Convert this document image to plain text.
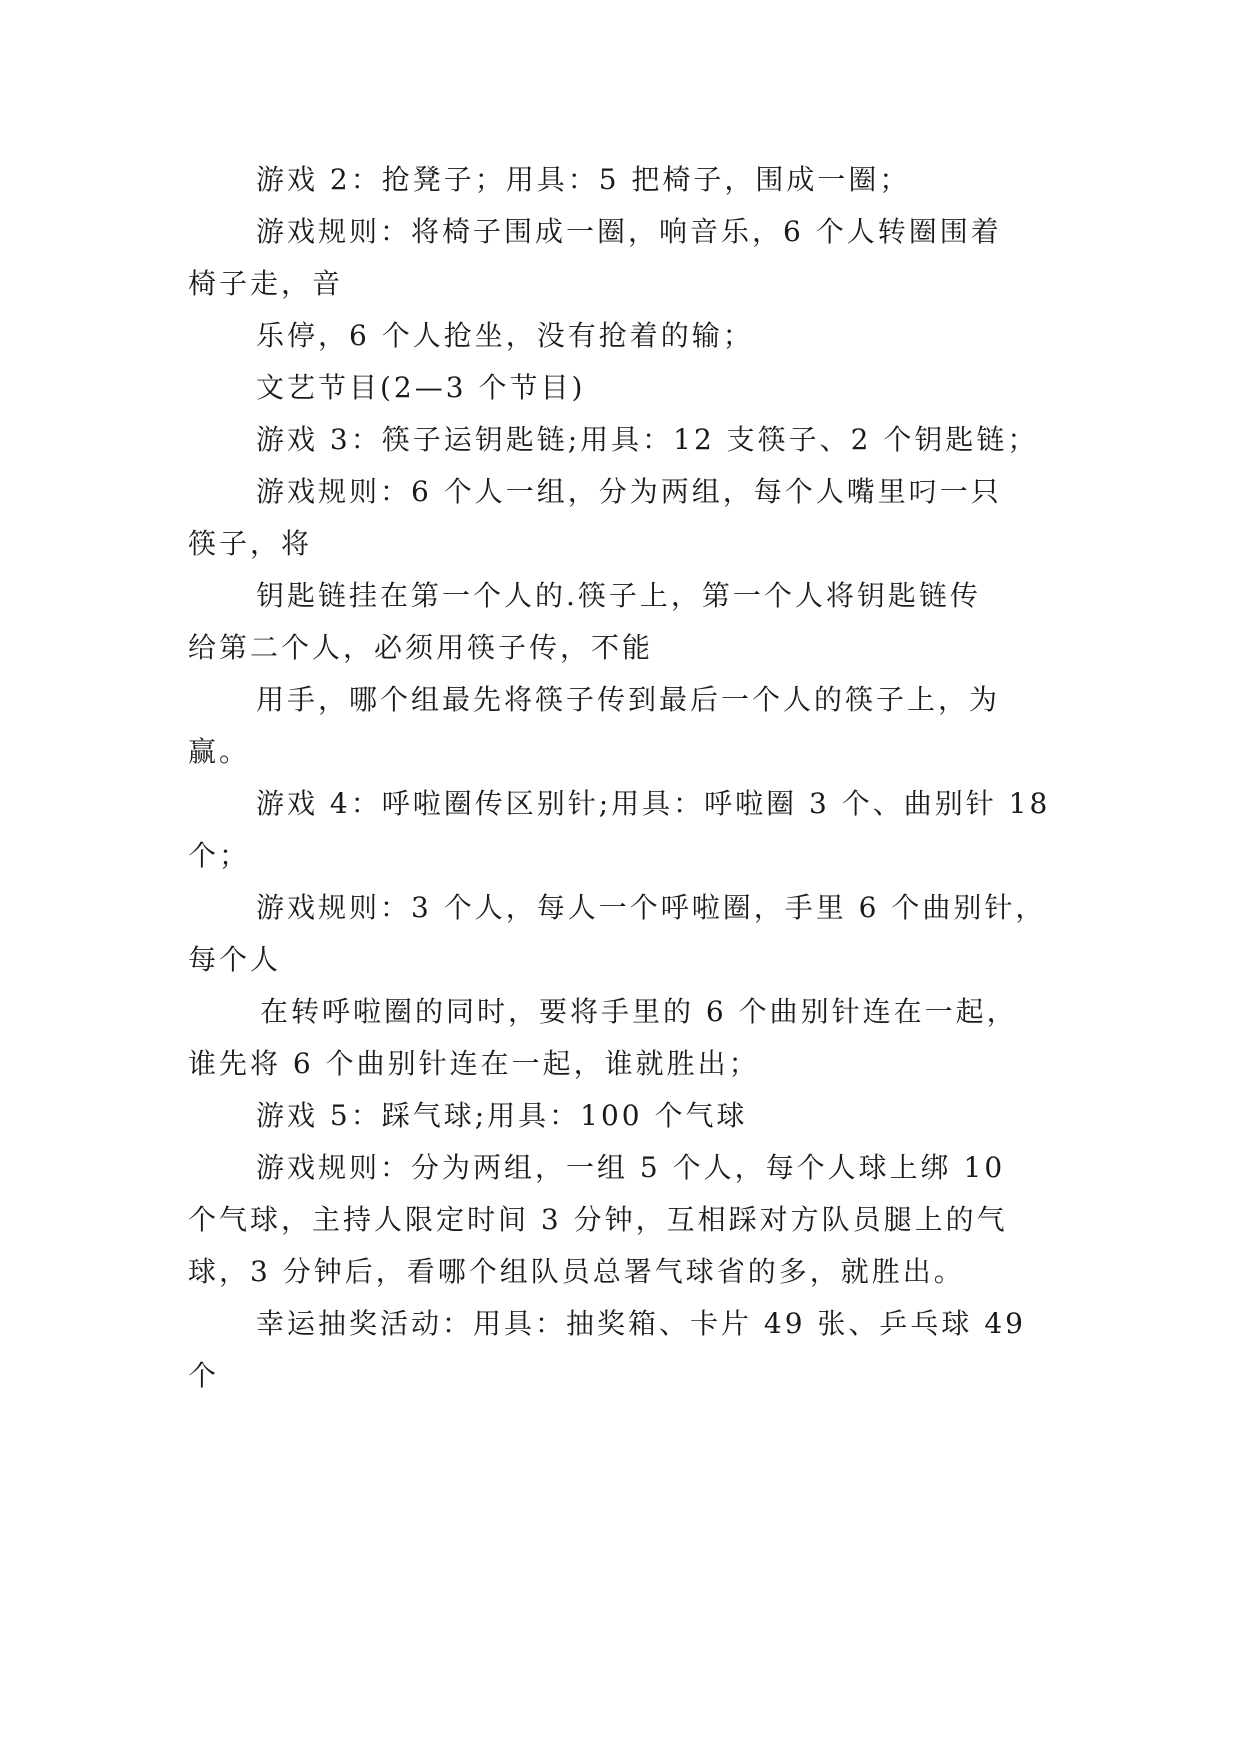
游戏 2：抢凳子；用具：5 把椅子，围成一圈；
游戏规则：将椅子围成一圈，响音乐，6 个人转圈围着
椅子走，音
乐停，6 个人抢坐，没有抢着的输；
文艺节目(2—3 个节目)
游戏 3：筷子运钥匙链;用具：12 支筷子、2 个钥匙链；
游戏规则：6 个人一组，分为两组，每个人嘴里叼一只
筷子，将
钥匙链挂在第一个人的.筷子上，第一个人将钥匙链传
给第二个人，必须用筷子传，不能
用手，哪个组最先将筷子传到最后一个人的筷子上，为
赢。
游戏 4：呼啦圈传区别针;用具：呼啦圈 3 个、曲别针 18
个；
游戏规则：3 个人，每人一个呼啦圈，手里 6 个曲别针，
每个人
在转呼啦圈的同时，要将手里的 6 个曲别针连在一起，
谁先将 6 个曲别针连在一起，谁就胜出；
游戏 5：踩气球;用具：100 个气球
游戏规则：分为两组，一组 5 个人，每个人球上绑 10
个气球，主持人限定时间 3 分钟，互相踩对方队员腿上的气
球，3 分钟后，看哪个组队员总署气球省的多，就胜出。
幸运抽奖活动：用具：抽奖箱、卡片 49 张、乒乓球 49
个
